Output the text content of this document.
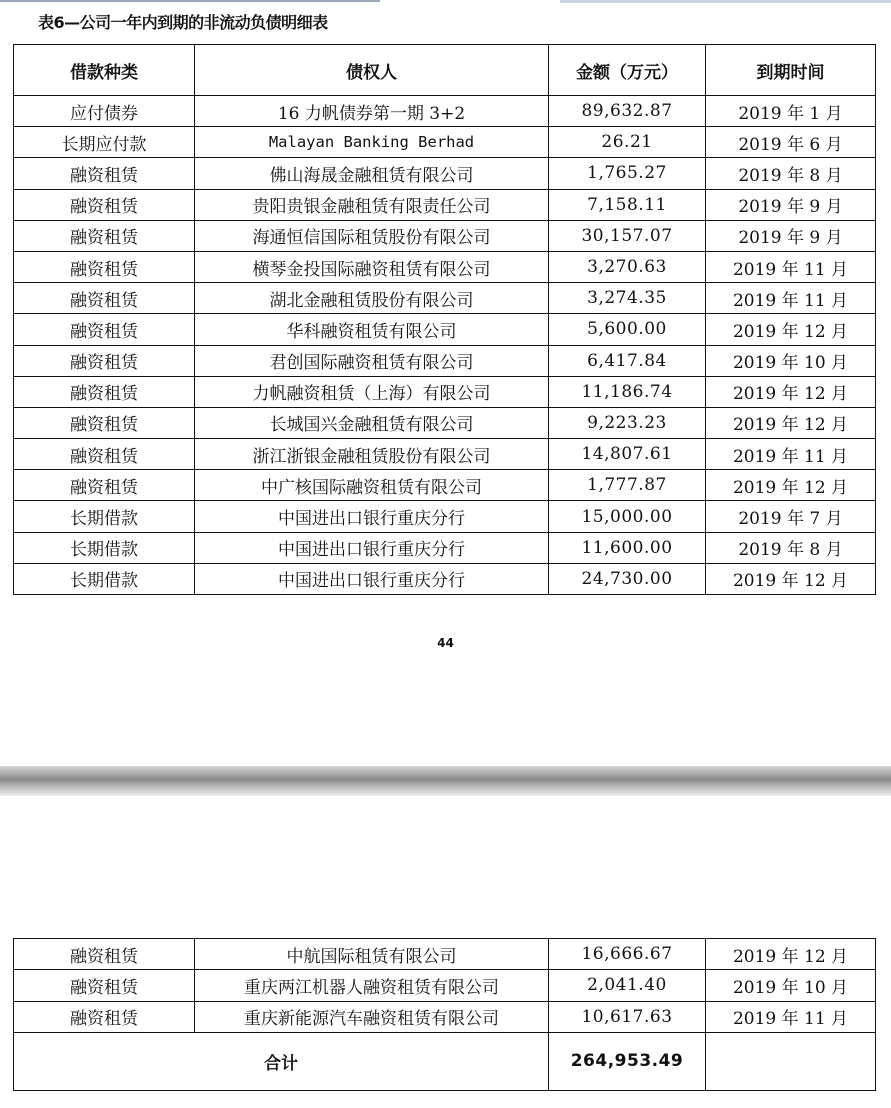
表6—公司一年内到期的非流动负债明细表
借款种类	债权人	金额（万元）	到期时间
应付债券	16 力帆债券第一期 3+2	89,632.87	2019 年 1 月
长期应付款	Malayan Banking Berhad	26.21	2019 年 6 月
融资租赁	佛山海晟金融租赁有限公司	1,765.27	2019 年 8 月
融资租赁	贵阳贵银金融租赁有限责任公司	7,158.11	2019 年 9 月
融资租赁	海通恒信国际租赁股份有限公司	30,157.07	2019 年 9 月
融资租赁	横琴金投国际融资租赁有限公司	3,270.63	2019 年 11 月
融资租赁	湖北金融租赁股份有限公司	3,274.35	2019 年 11 月
融资租赁	华科融资租赁有限公司	5,600.00	2019 年 12 月
融资租赁	君创国际融资租赁有限公司	6,417.84	2019 年 10 月
融资租赁	力帆融资租赁（上海）有限公司	11,186.74	2019 年 12 月
融资租赁	长城国兴金融租赁有限公司	9,223.23	2019 年 12 月
融资租赁	浙江浙银金融租赁股份有限公司	14,807.61	2019 年 11 月
融资租赁	中广核国际融资租赁有限公司	1,777.87	2019 年 12 月
长期借款	中国进出口银行重庆分行	15,000.00	2019 年 7 月
长期借款	中国进出口银行重庆分行	11,600.00	2019 年 8 月
长期借款	中国进出口银行重庆分行	24,730.00	2019 年 12 月
44
融资租赁	中航国际租赁有限公司	16,666.67	2019 年 12 月
融资租赁	重庆两江机器人融资租赁有限公司	2,041.40	2019 年 10 月
融资租赁	重庆新能源汽车融资租赁有限公司	10,617.63	2019 年 11 月
合计		264,953.49	
